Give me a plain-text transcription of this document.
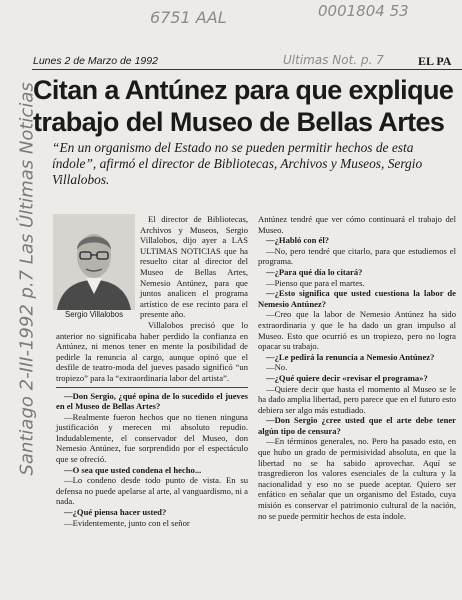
6751 AAL	0001804 53
Ultimas Not. p. 7
Santiago 2-III-1992 p.7 Las Últimas Noticias
Lunes 2 de Marzo de 1992	EL PA
Citan a Antúnez para que explique
trabajo del Museo de Bellas Artes
“En un organismo del Estado no se pueden permitir hechos de esta índole”, afirmó el director de Bibliotecas, Archivos y Museos, Sergio Villalobos.
Sergio Villalobos

El director de Bibliotecas, Archivos y Museos, Sergio Villalobos, dijo ayer a LAS ULTIMAS NOTICIAS que ha resuelto citar al director del Museo de Bellas Artes, Nemesio Antúnez, para que juntos analicen el programa artístico de ese recinto para el presente año.

Villalobos precisó que lo anterior no significaba haber perdido la confianza en Antúnez, ni menos tener en mente la posibilidad de pedirle la renuncia al cargo, aunque opinó que el desfile de teatro-moda del jueves pasado significó “un tropiezo” para la “extraordinaria labor del artista”.

—Don Sergio, ¿qué opina de lo sucedido el jueves en el Museo de Bellas Artes?

—Realmente fueron hechos que no tienen ninguna justificación y merecen mi absoluto repudio. Indudablemente, el conservador del Museo, don Nemesio Antúnez, fue sorprendido por el espectáculo que se ofreció.

—O sea que usted condena el hecho...

—Lo condeno desde todo punto de vista. En su defensa no puede apelarse al arte, al vanguardismo, ni a nada.

—¿Qué piensa hacer usted?

—Evidentemente, junto con el señor

Antúnez tendré que ver cómo continuará el trabajo del Museo.

—¿Habló con él?

—No, pero tendré que citarlo, para que estudiemos el programa.

—¿Para qué día lo citará?

—Pienso que para el martes.

—¿Esto significa que usted cuestiona la labor de Nemesio Antúnez?

—Creo que la labor de Nemesio Antúnez ha sido extraordinaria y que le ha dado un gran impulso al Museo. Esto que ocurrió es un tropiezo, pero no logra opacar su trabajo.

—¿Le pedirá la renuncia a Nemesio Antúnez?

—No.

—¿Qué quiere decir «revisar el programa»?

—Quiere decir que hasta el momento al Museo se le ha dado amplia libertad, pero parece que en el futuro esto debiera ser algo más estudiado.

—Don Sergio ¿cree usted que el arte debe tener algún tipo de censura?

—En términos generales, no. Pero ha pasado esto, en que hubo un grado de permisividad absoluta, en que la libertad no se ha sabido aprovechar. Aquí se trasgredieron los valores esenciales de la cultura y la nacionalidad y eso no se puede aceptar. Quiero ser enfático en señalar que un organismo del Estado, cuya misión es conservar el patrimonio cultural de la nación, no se puede permitir hechos de esta índole.
